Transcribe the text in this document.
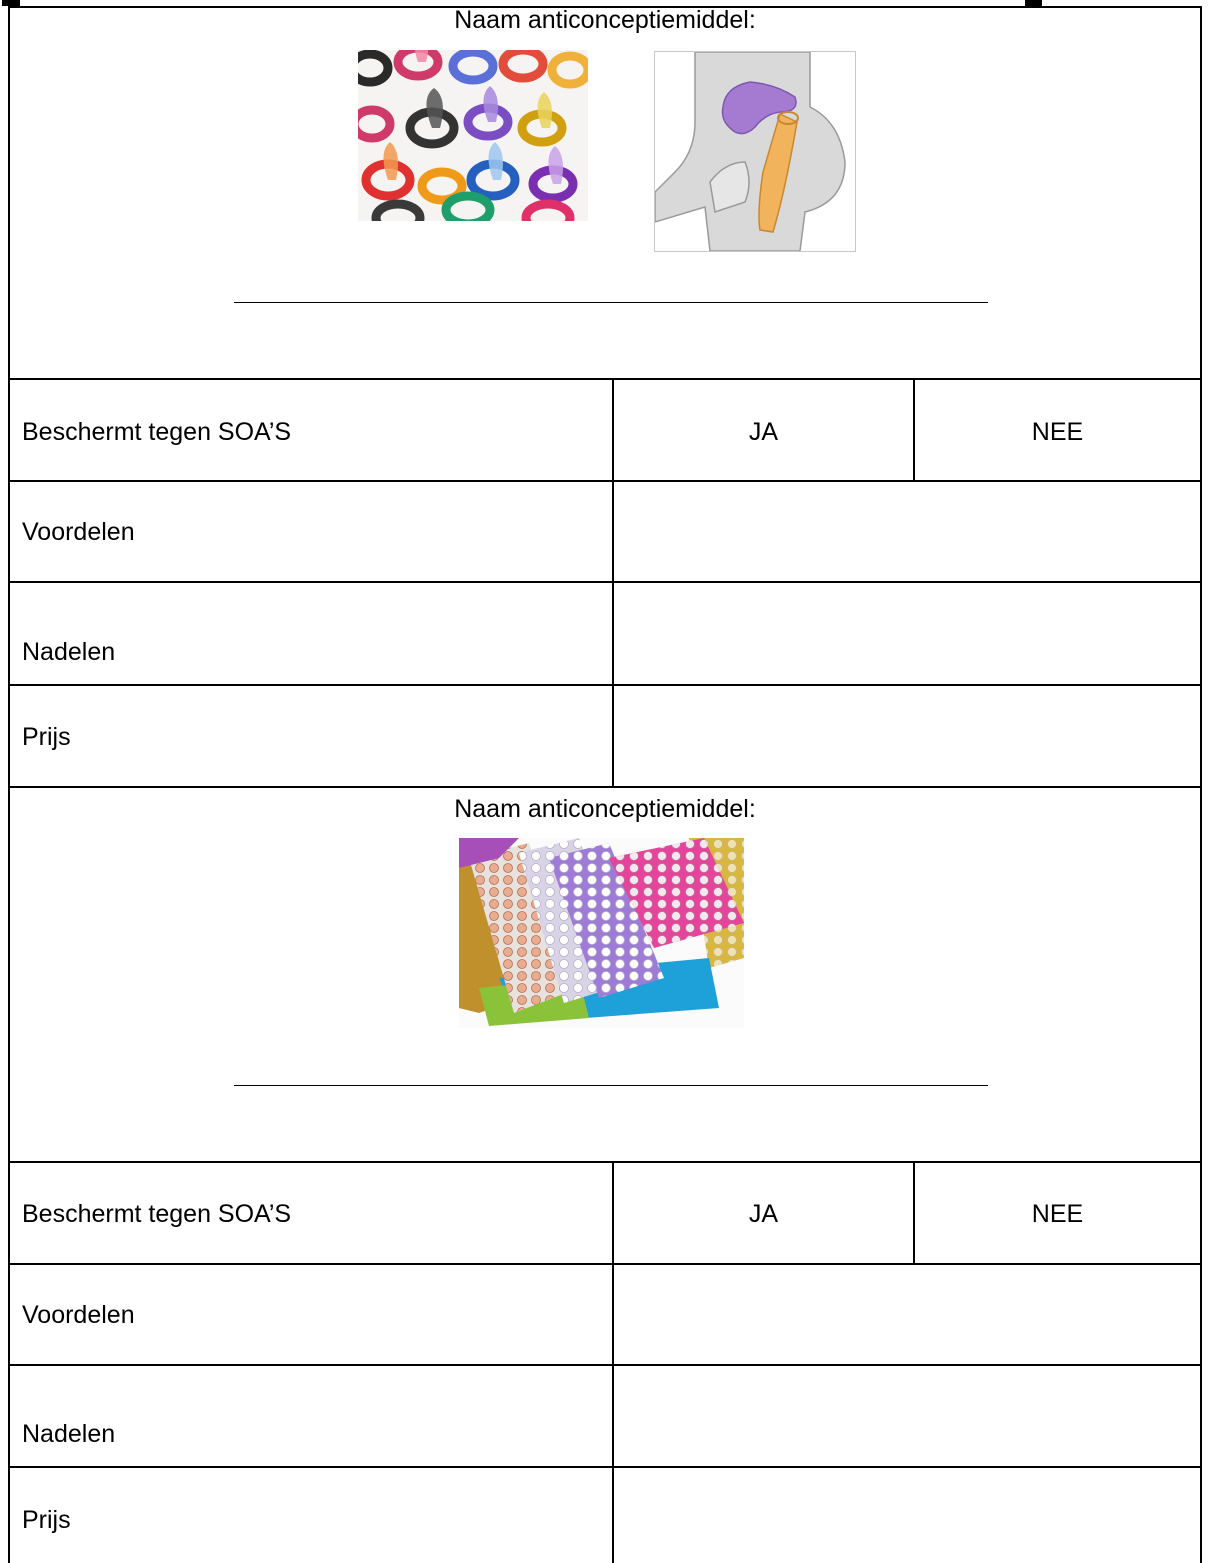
Naam anticonceptiemiddel:
Beschermt tegen SOA’S	JA	NEE
Voordelen
Nadelen
Prijs
Naam anticonceptiemiddel:
Beschermt tegen SOA’S	JA	NEE
Voordelen
Nadelen
Prijs
